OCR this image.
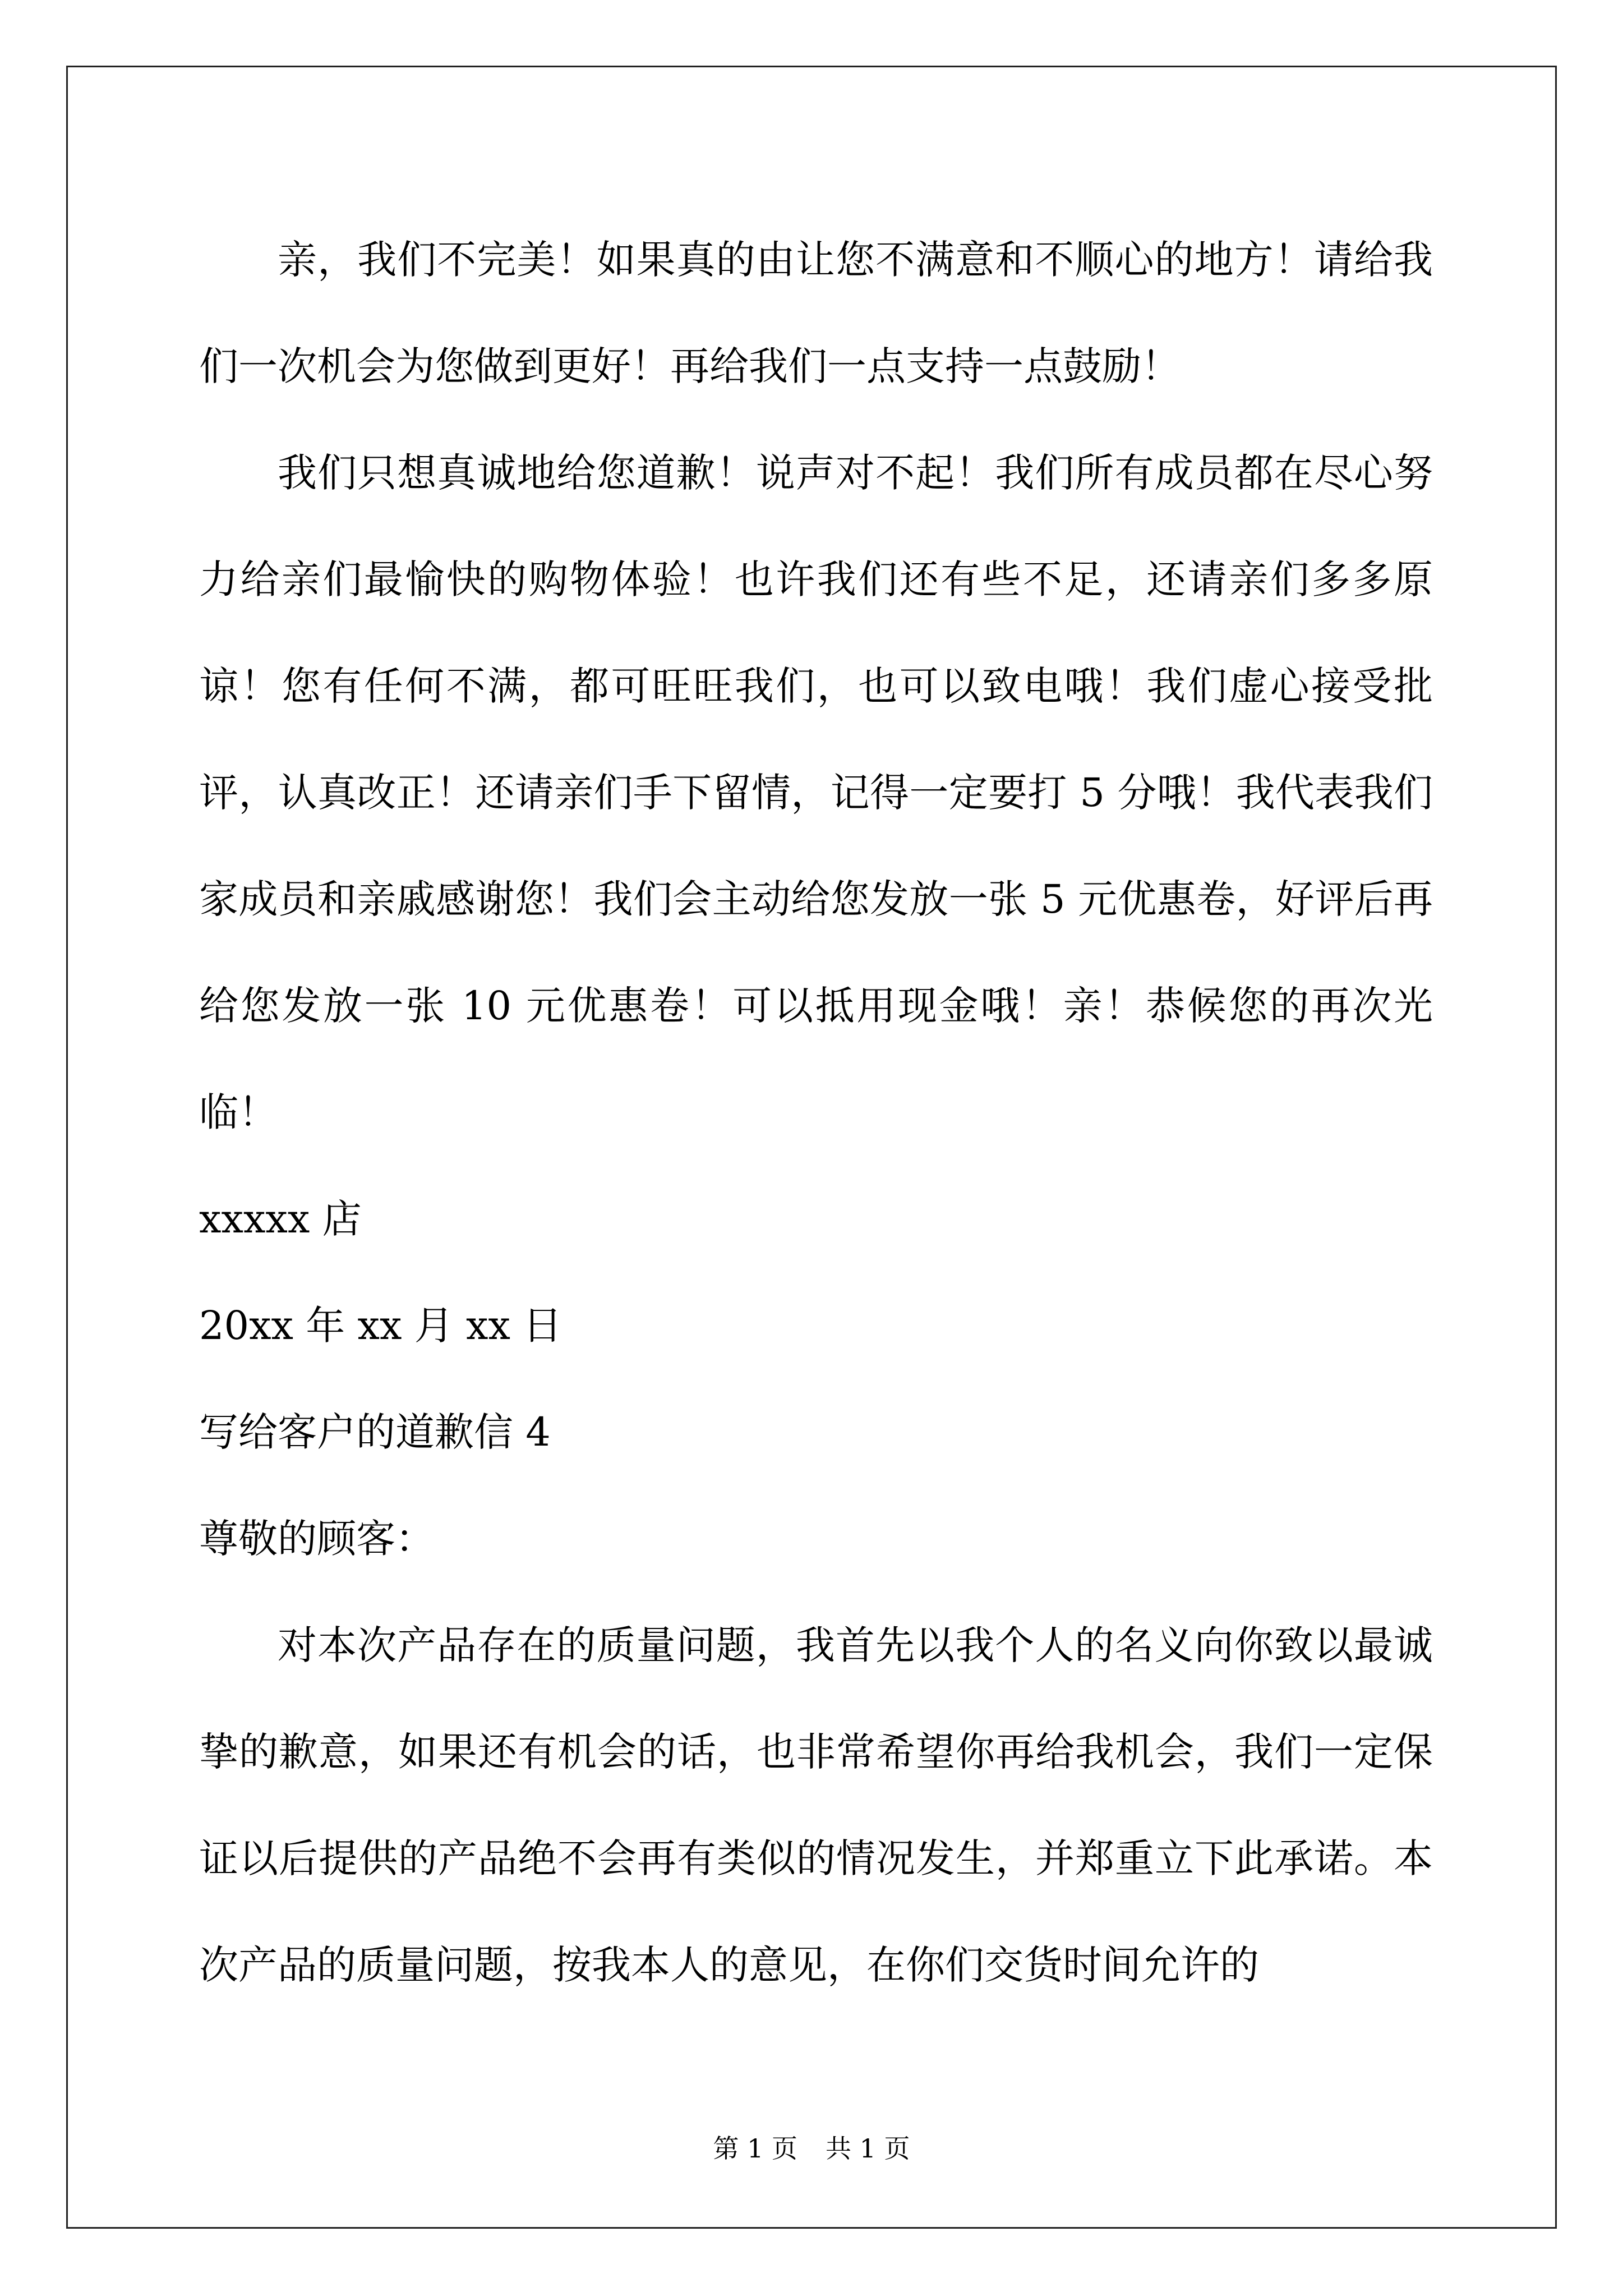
亲，我们不完美！如果真的由让您不满意和不顺心的地方！请给我们一次机会为您做到更好！再给我们一点支持一点鼓励！

我们只想真诚地给您道歉！说声对不起！我们所有成员都在尽心努力给亲们最愉快的购物体验！也许我们还有些不足，还请亲们多多原谅！您有任何不满，都可旺旺我们，也可以致电哦！我们虚心接受批评，认真改正！还请亲们手下留情，记得一定要打 5 分哦！我代表我们家成员和亲戚感谢您！我们会主动给您发放一张 5 元优惠卷，好评后再给您发放一张 10 元优惠卷！可以抵用现金哦！亲！恭候您的再次光临！

xxxxx 店

20xx 年 xx 月 xx 日

写给客户的道歉信 4

尊敬的顾客：

对本次产品存在的质量问题，我首先以我个人的名义向你致以最诚挚的歉意，如果还有机会的话，也非常希望你再给我机会，我们一定保证以后提供的产品绝不会再有类似的情况发生，并郑重立下此承诺。本次产品的质量问题，按我本人的意见，在你们交货时间允许的

第 1 页 共 1 页
